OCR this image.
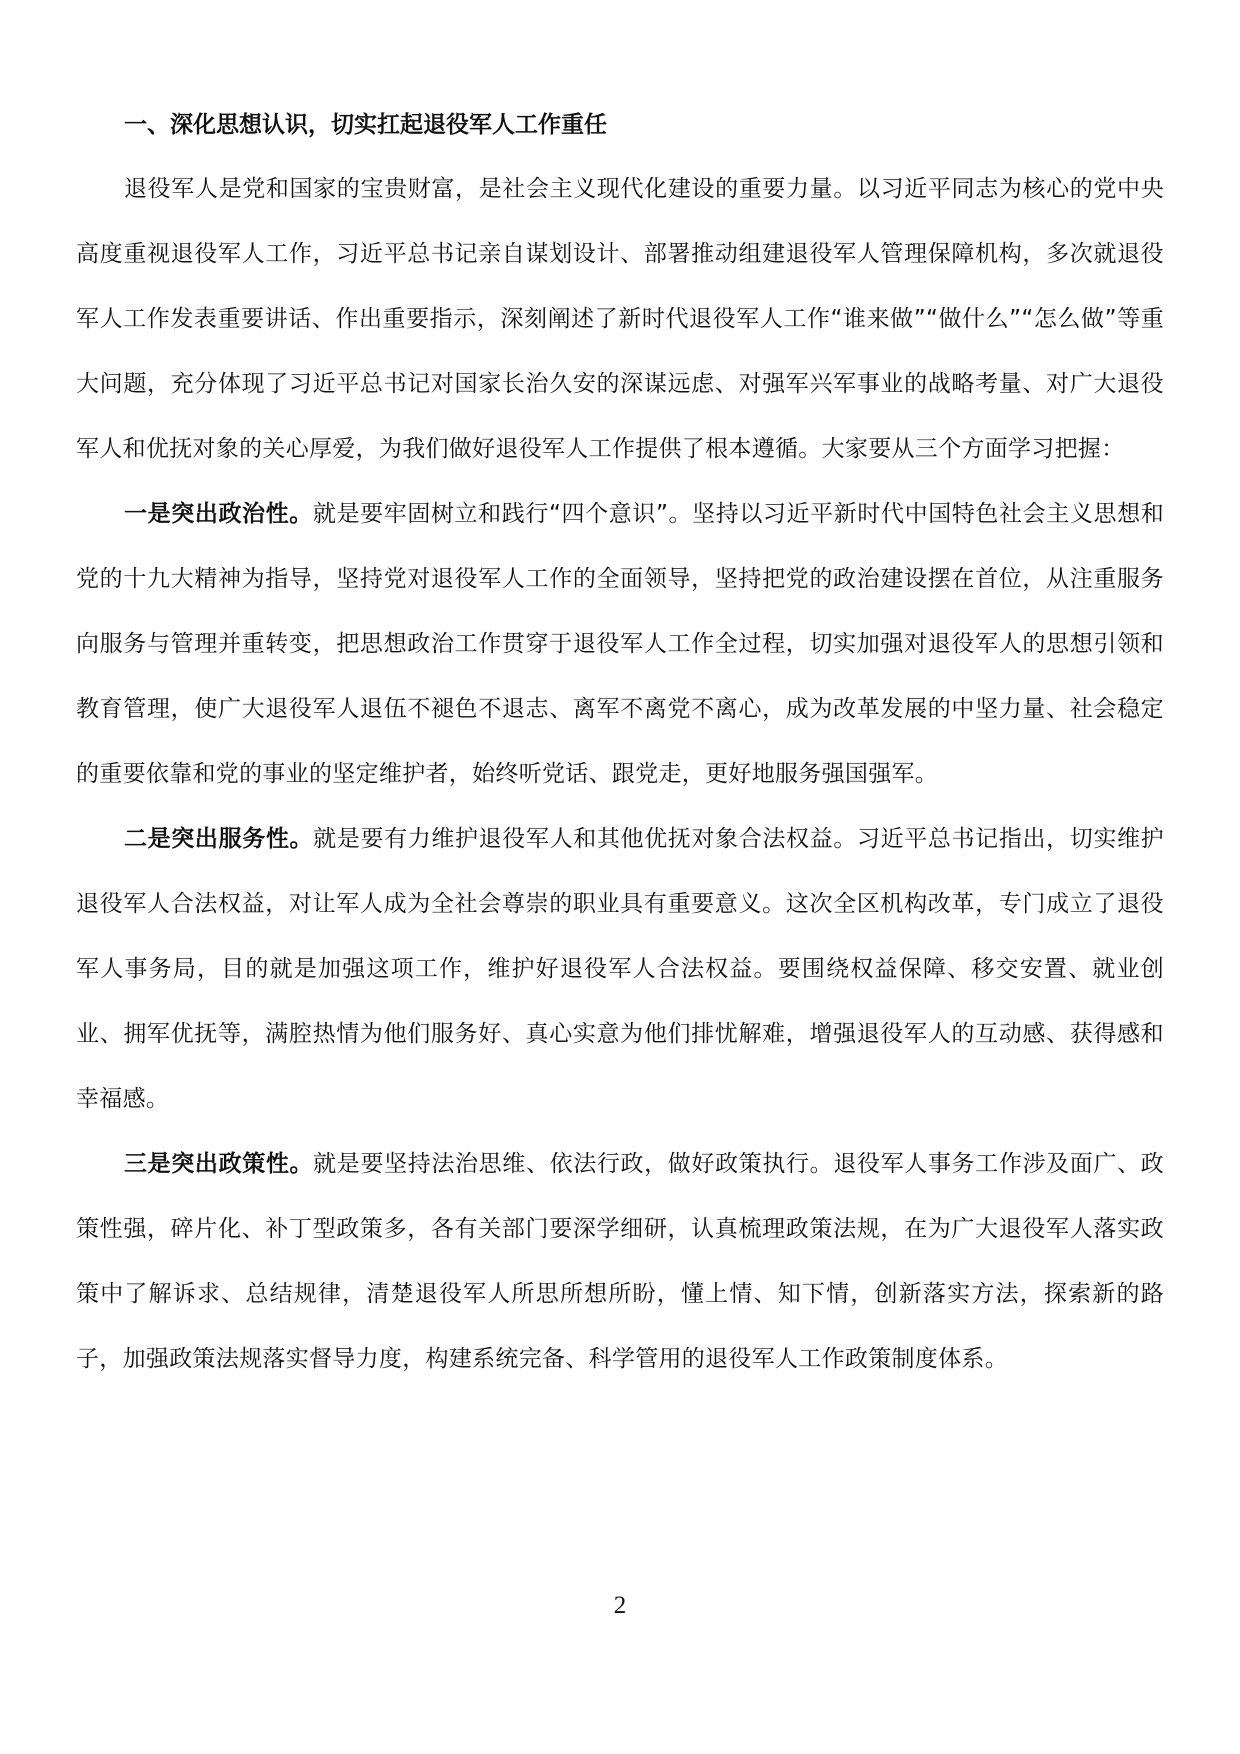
一、深化思想认识，切实扛起退役军人工作重任

退役军人是党和国家的宝贵财富，是社会主义现代化建设的重要力量。以习近平同志为核心的党中央高度重视退役军人工作，习近平总书记亲自谋划设计、部署推动组建退役军人管理保障机构，多次就退役军人工作发表重要讲话、作出重要指示，深刻阐述了新时代退役军人工作“谁来做”“做什么”“怎么做”等重大问题，充分体现了习近平总书记对国家长治久安的深谋远虑、对强军兴军事业的战略考量、对广大退役军人和优抚对象的关心厚爱，为我们做好退役军人工作提供了根本遵循。大家要从三个方面学习把握：

一是突出政治性。就是要牢固树立和践行“四个意识”。坚持以习近平新时代中国特色社会主义思想和党的十九大精神为指导，坚持党对退役军人工作的全面领导，坚持把党的政治建设摆在首位，从注重服务向服务与管理并重转变，把思想政治工作贯穿于退役军人工作全过程，切实加强对退役军人的思想引领和教育管理，使广大退役军人退伍不褪色不退志、离军不离党不离心，成为改革发展的中坚力量、社会稳定的重要依靠和党的事业的坚定维护者，始终听党话、跟党走，更好地服务强国强军。

二是突出服务性。就是要有力维护退役军人和其他优抚对象合法权益。习近平总书记指出，切实维护退役军人合法权益，对让军人成为全社会尊崇的职业具有重要意义。这次全区机构改革，专门成立了退役军人事务局，目的就是加强这项工作，维护好退役军人合法权益。要围绕权益保障、移交安置、就业创业、拥军优抚等，满腔热情为他们服务好、真心实意为他们排忧解难，增强退役军人的互动感、获得感和幸福感。

三是突出政策性。就是要坚持法治思维、依法行政，做好政策执行。退役军人事务工作涉及面广、政策性强，碎片化、补丁型政策多，各有关部门要深学细研，认真梳理政策法规，在为广大退役军人落实政策中了解诉求、总结规律，清楚退役军人所思所想所盼，懂上情、知下情，创新落实方法，探索新的路子，加强政策法规落实督导力度，构建系统完备、科学管用的退役军人工作政策制度体系。

2
